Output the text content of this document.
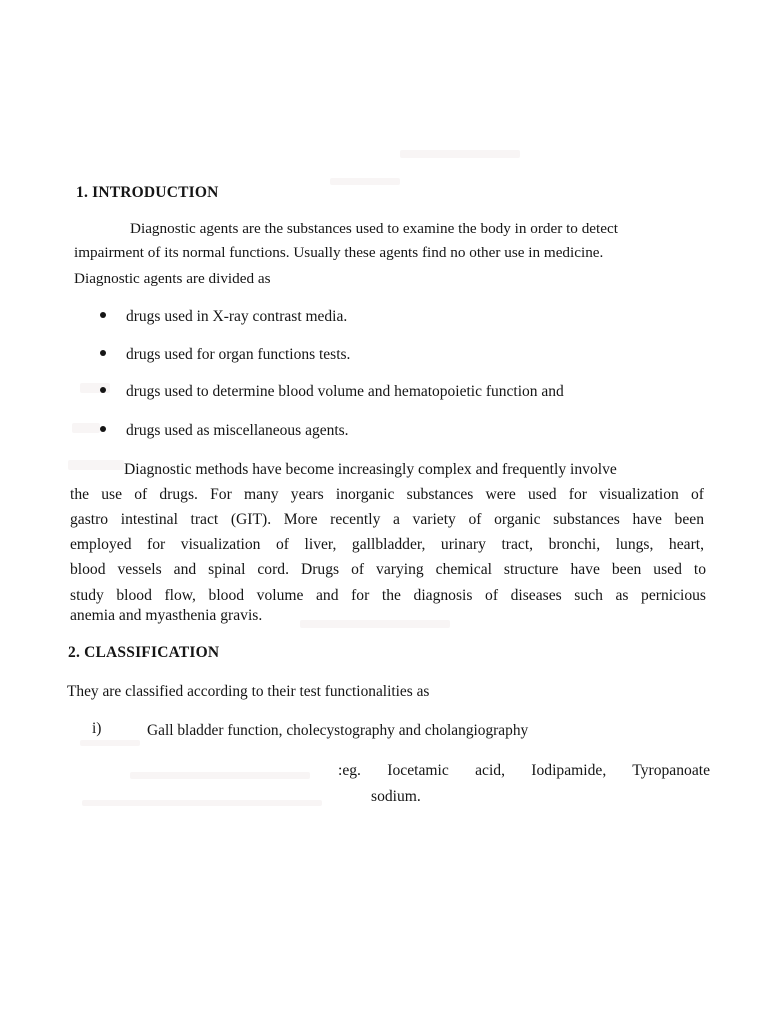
1. INTRODUCTION
Diagnostic agents are the substances used to examine the body in order to detect
impairment of its normal functions. Usually these agents find no other use in medicine.
Diagnostic agents are divided as
drugs used in X-ray contrast media.
drugs used for organ functions tests.
drugs used to determine blood volume and hematopoietic function and
drugs used as miscellaneous agents.
Diagnostic methods have become increasingly complex and frequently involve
the use of drugs. For many years inorganic substances were used for visualization of
gastro intestinal tract (GIT). More recently a variety of organic substances have been
employed for visualization of liver, gallbladder, urinary tract, bronchi, lungs, heart,
blood vessels and spinal cord. Drugs of varying chemical structure have been used to
study blood flow, blood volume and for the diagnosis of diseases such as pernicious
anemia and myasthenia gravis.
2. CLASSIFICATION
They are classified according to their test functionalities as
i)	Gall bladder function, cholecystography and cholangiography
:eg. Iocetamic acid, Iodipamide, Tyropanoate
sodium.
